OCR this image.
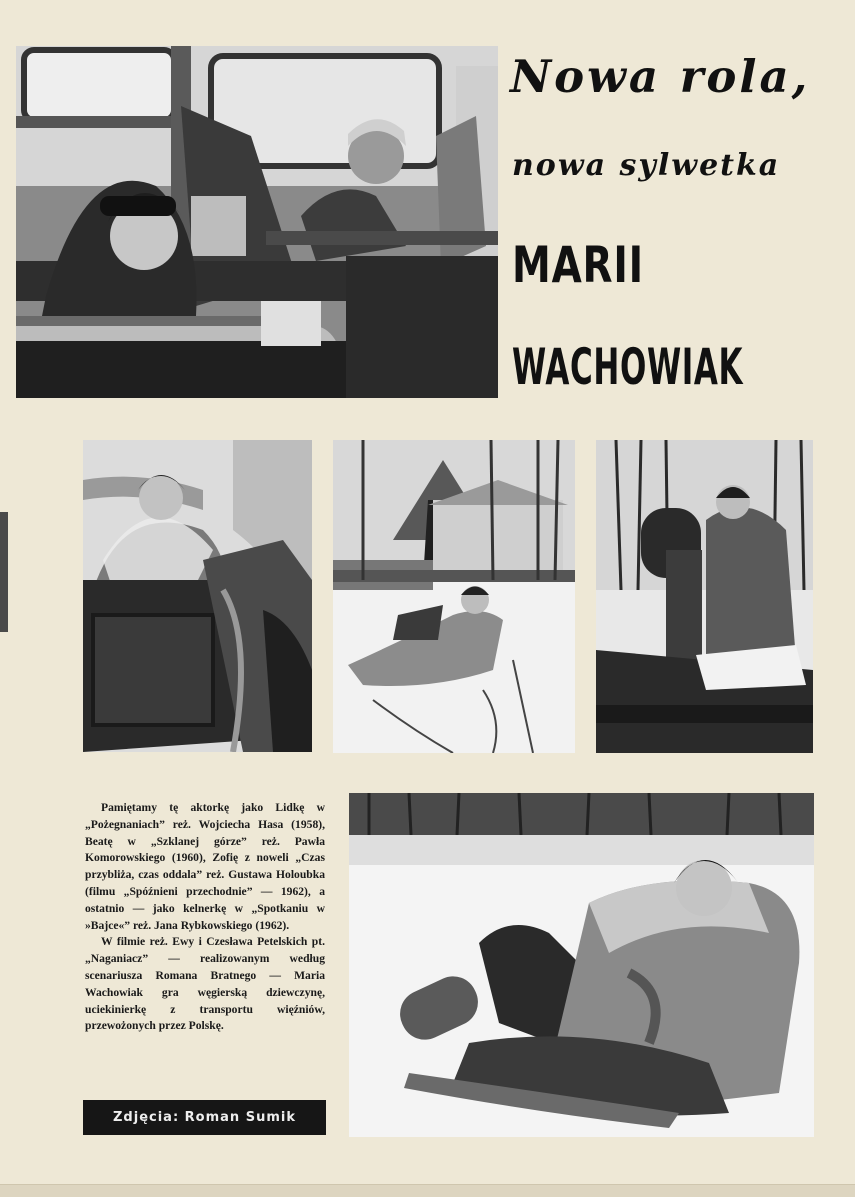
Nowa rola,
nowa sylwetka
MARII
WACHOWIAK

Pamiętamy tę aktorkę jako Lidkę w „Pożegnaniach” reż. Wojciecha Hasa (1958), Beatę w „Szklanej górze” reż. Pawła Komorowskiego (1960), Zofię z noweli „Czas przybliża, czas oddala” reż. Gustawa Holoubka (filmu „Spóźnieni przechodnie” — 1962), a ostatnio — jako kelnerkę w „Spotkaniu w »Bajce«” reż. Jana Rybkowskiego (1962).

W filmie reż. Ewy i Czesława Petelskich pt. „Naganiacz” — realizowanym według scenariusza Romana Bratnego — Maria Wachowiak gra węgierską dziewczynę, uciekinierkę z transportu więźniów, przewożonych przez Polskę.

Zdjęcia: Roman Sumik
